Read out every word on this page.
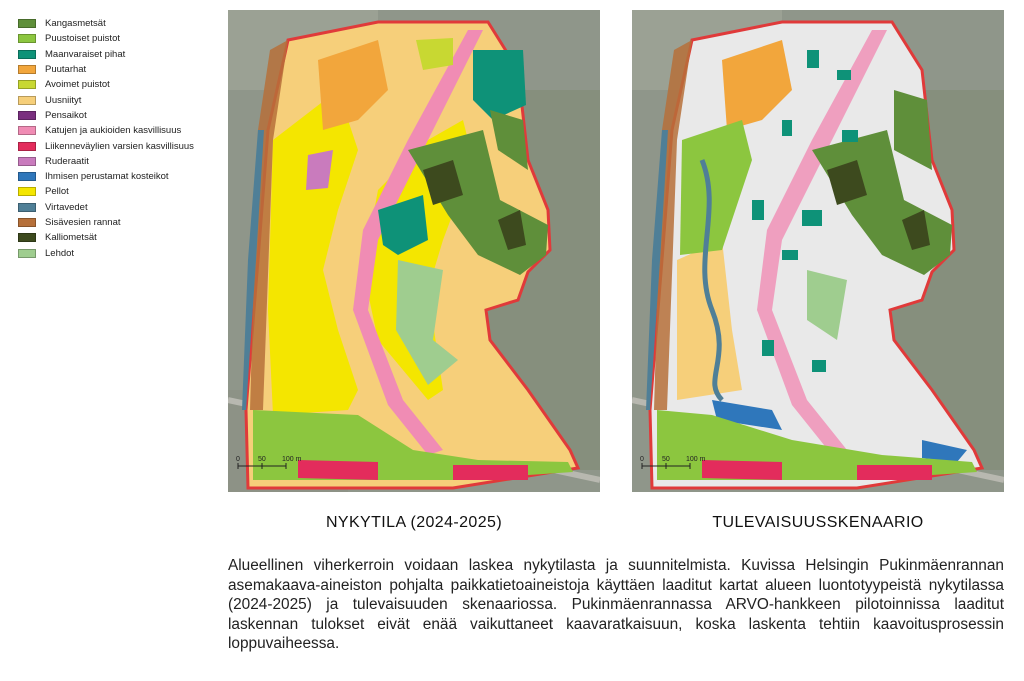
Kangasmetsät
Puustoiset puistot
Maanvaraiset pihat
Puutarhat
Avoimet puistot
Uusniityt
Pensaikot
Katujen ja aukioiden kasvillisuus
Liikenneväylien varsien kasvillisuus
Ruderaatit
Ihmisen perustamat kosteikot
Pellot
Virtavedet
Sisävesien rannat
Kalliometsät
Lehdot
0	50 100 m	0	50 100 m
NYKYTILA (2024-2025)	TULEVAISUUSSKENAARIO

Alueellinen viherkerroin voidaan laskea nykytilasta ja suunnitelmista. Kuvissa Helsingin Pukinmäenrannan asemakaava-aineiston pohjalta paikkatietoaineistoja käyttäen laaditut kartat alueen luontotyypeistä nykytilassa (2024-2025) ja tulevaisuuden skenaariossa. Pukinmäenrannassa ARVO-hankkeen pilotoinnissa laaditut laskennan tulokset eivät enää vaikuttaneet kaavaratkaisuun, koska laskenta tehtiin kaavoitusprosessin loppuvaiheessa.
